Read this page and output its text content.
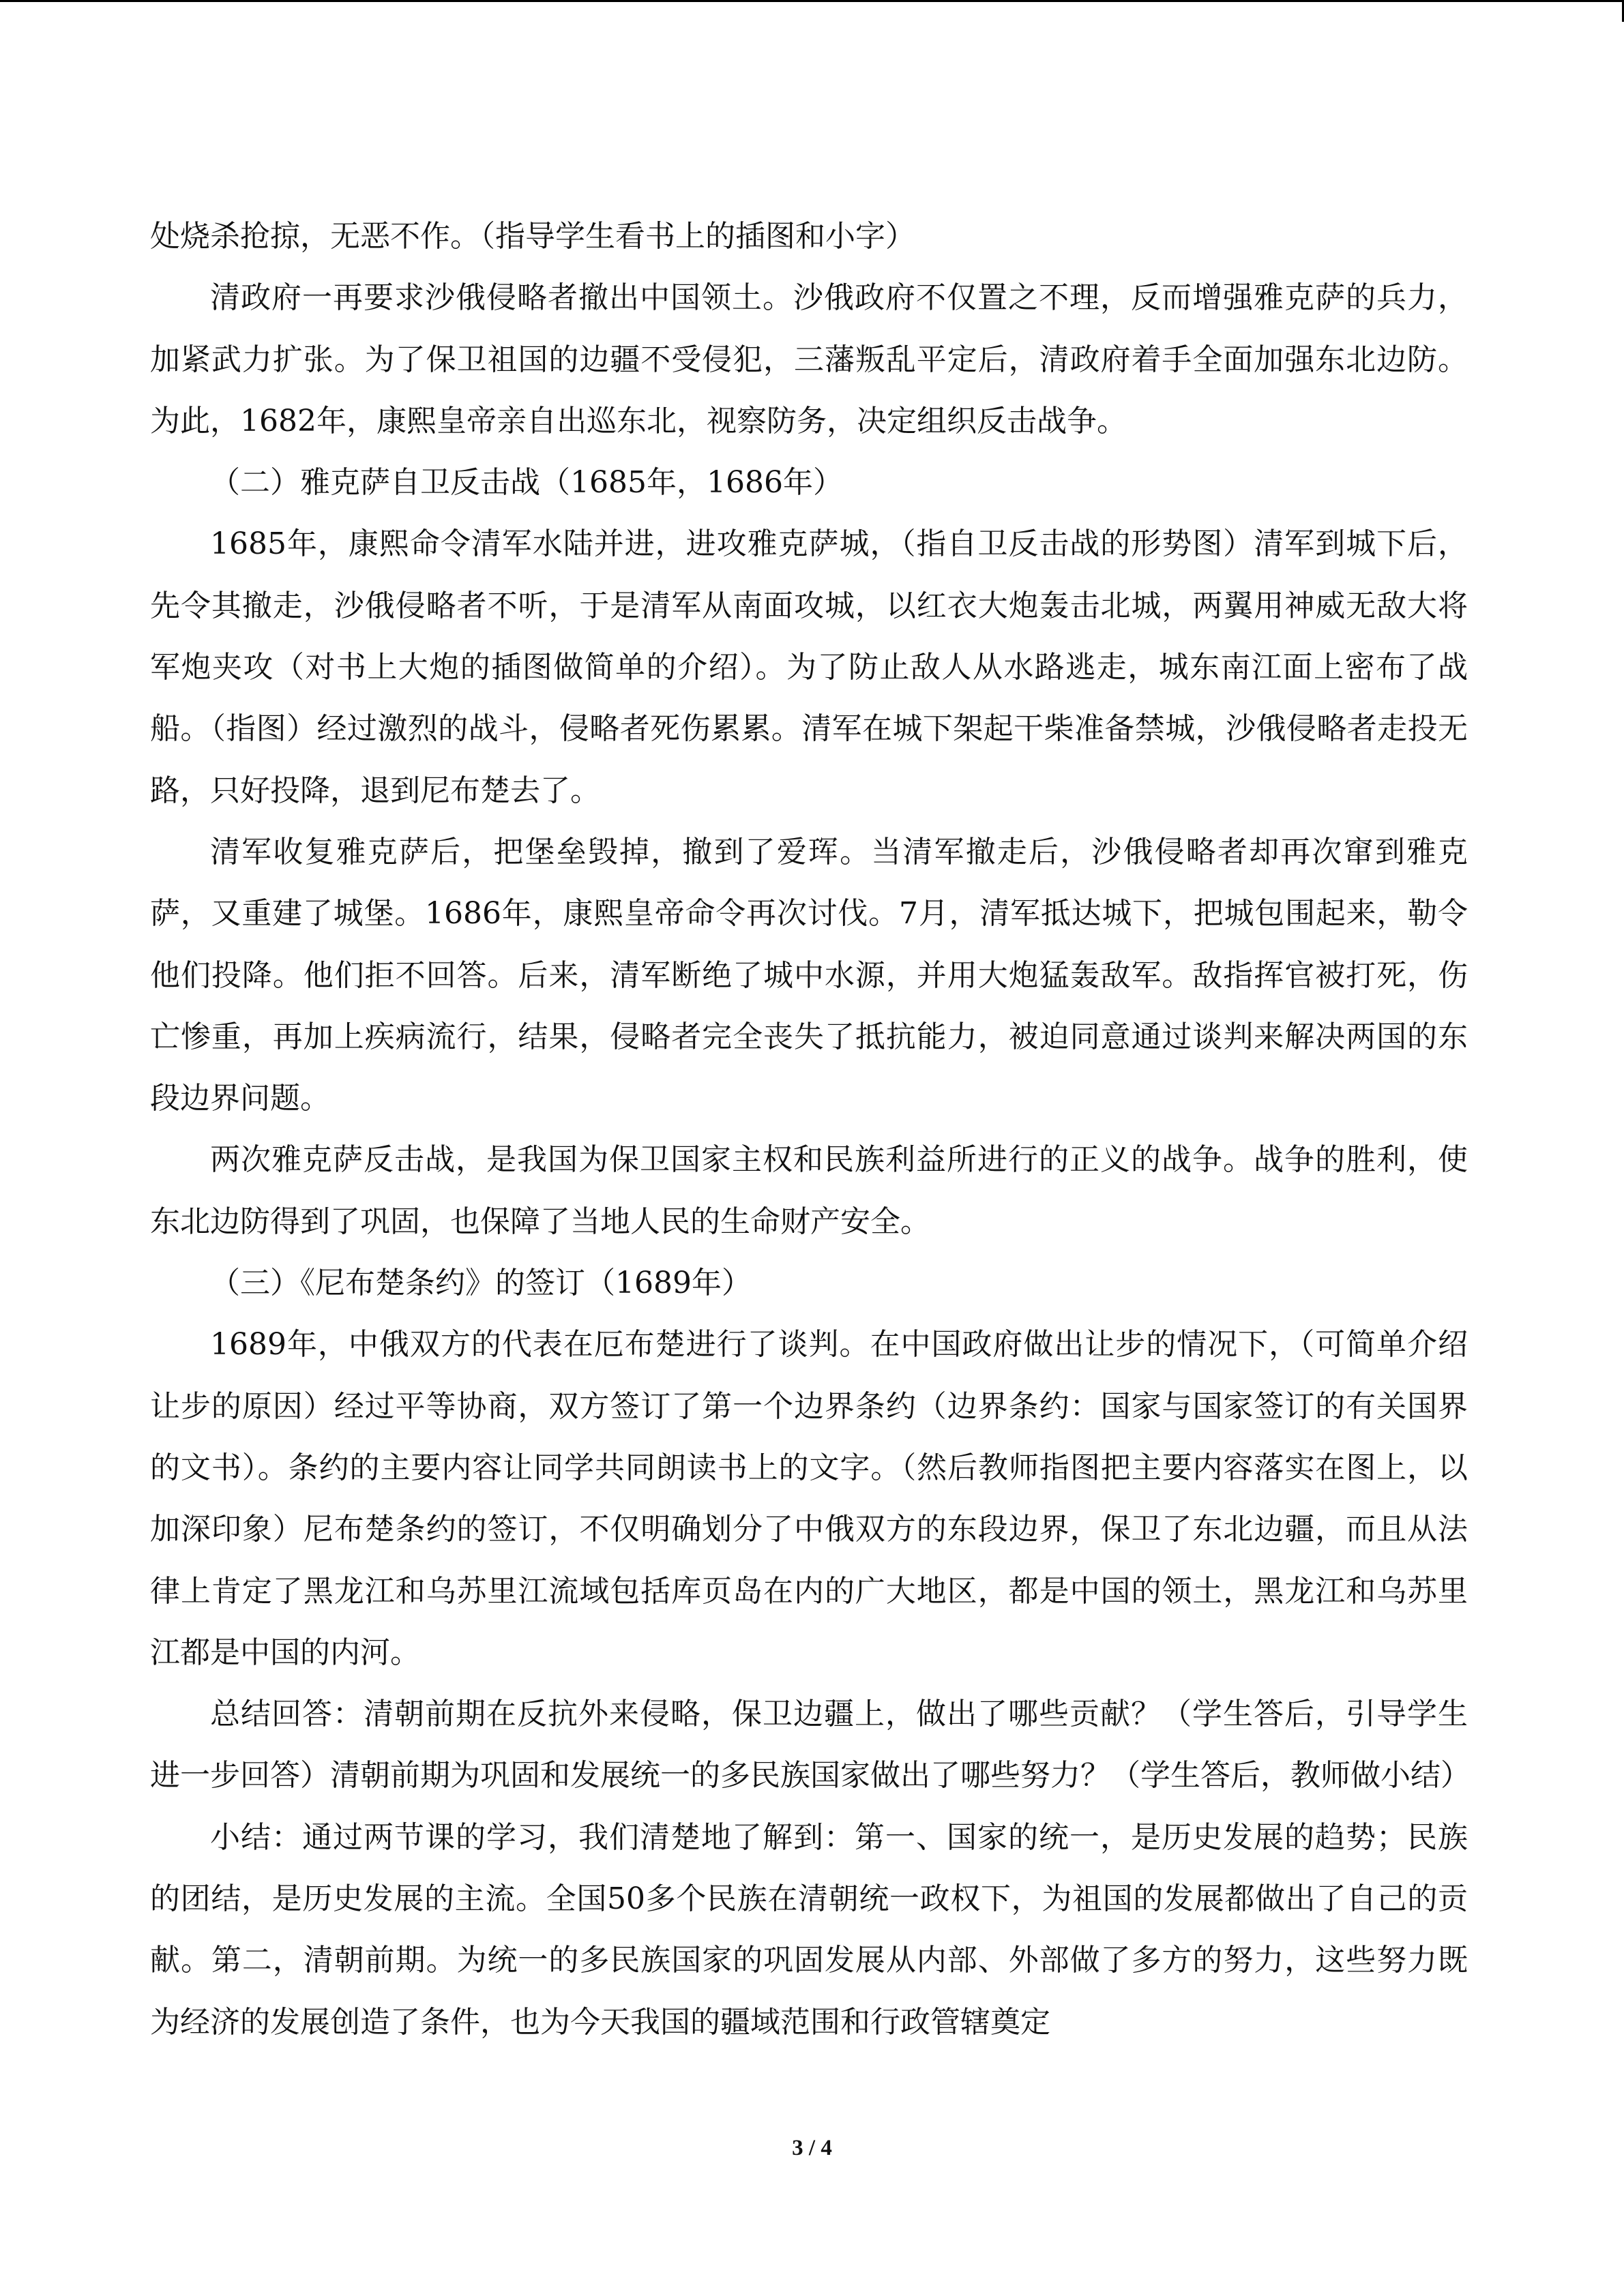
处烧杀抢掠，无恶不作。（指导学生看书上的插图和小字）

清政府一再要求沙俄侵略者撤出中国领土。沙俄政府不仅置之不理，反而增强雅克萨的兵力，加紧武力扩张。为了保卫祖国的边疆不受侵犯，三藩叛乱平定后，清政府着手全面加强东北边防。为此，1682年，康熙皇帝亲自出巡东北，视察防务，决定组织反击战争。

（二）雅克萨自卫反击战（1685年，1686年）

1685年，康熙命令清军水陆并进，进攻雅克萨城，（指自卫反击战的形势图）清军到城下后，先令其撤走，沙俄侵略者不听，于是清军从南面攻城，以红衣大炮轰击北城，两翼用神威无敌大将军炮夹攻（对书上大炮的插图做简单的介绍）。为了防止敌人从水路逃走，城东南江面上密布了战船。（指图）经过激烈的战斗，侵略者死伤累累。清军在城下架起干柴准备禁城，沙俄侵略者走投无路，只好投降，退到尼布楚去了。

清军收复雅克萨后，把堡垒毁掉，撤到了爱珲。当清军撤走后，沙俄侵略者却再次窜到雅克萨，又重建了城堡。1686年，康熙皇帝命令再次讨伐。7月，清军抵达城下，把城包围起来，勒令他们投降。他们拒不回答。后来，清军断绝了城中水源，并用大炮猛轰敌军。敌指挥官被打死，伤亡惨重，再加上疾病流行，结果，侵略者完全丧失了抵抗能力，被迫同意通过谈判来解决两国的东段边界问题。

两次雅克萨反击战，是我国为保卫国家主权和民族利益所进行的正义的战争。战争的胜利，使东北边防得到了巩固，也保障了当地人民的生命财产安全。

（三）《尼布楚条约》的签订（1689年）

1689年，中俄双方的代表在厄布楚进行了谈判。在中国政府做出让步的情况下，（可简单介绍让步的原因）经过平等协商，双方签订了第一个边界条约（边界条约：国家与国家签订的有关国界的文书）。条约的主要内容让同学共同朗读书上的文字。（然后教师指图把主要内容落实在图上，以加深印象）尼布楚条约的签订，不仅明确划分了中俄双方的东段边界，保卫了东北边疆，而且从法律上肯定了黑龙江和乌苏里江流域包括库页岛在内的广大地区，都是中国的领土，黑龙江和乌苏里江都是中国的内河。

总结回答：清朝前期在反抗外来侵略，保卫边疆上，做出了哪些贡献？（学生答后，引导学生进一步回答）清朝前期为巩固和发展统一的多民族国家做出了哪些努力？（学生答后，教师做小结）

小结：通过两节课的学习，我们清楚地了解到：第一、国家的统一，是历史发展的趋势；民族的团结，是历史发展的主流。全国50多个民族在清朝统一政权下，为祖国的发展都做出了自己的贡献。第二，清朝前期。为统一的多民族国家的巩固发展从内部、外部做了多方的努力，这些努力既为经济的发展创造了条件，也为今天我国的疆域范围和行政管辖奠定

3 / 4
